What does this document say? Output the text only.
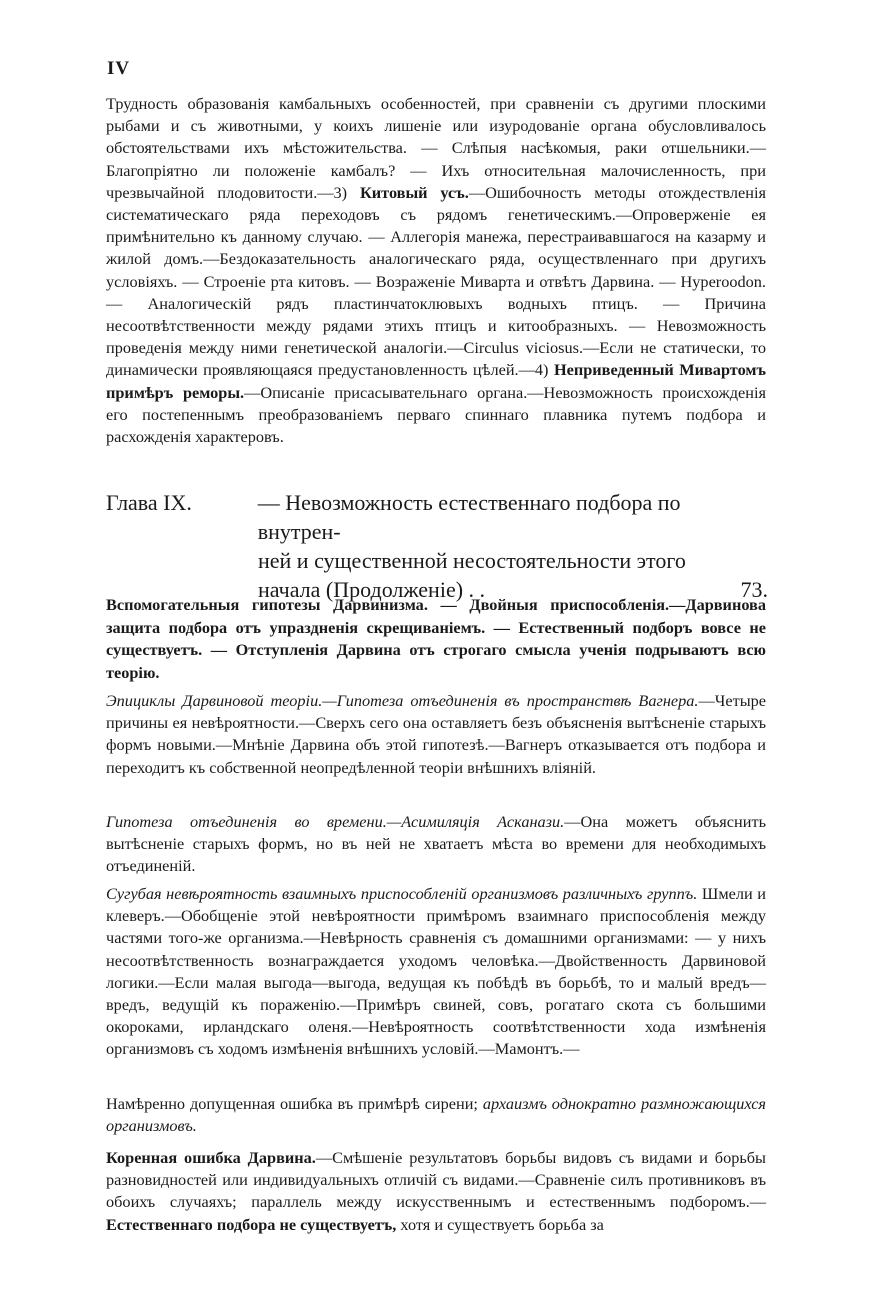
IV
Трудность образованія камбальныхъ особенностей, при сравненіи съ другими плоскими рыбами и съ животными, у коихъ лишеніе или изуродованіе органа обусловливалось обстоятельствами ихъ мѣстожительства. — Слѣпыя насѣкомыя, раки отшельники.— Благопріятно ли положеніе камбалъ? — Ихъ относительная малочисленность, при чрезвычайной плодовитости.—3) Китовый усъ.—Ошибочность методы отождествленія систематическаго ряда переходовъ съ рядомъ генетическимъ.—Опроверженіе ея примѣнительно къ данному случаю. — Аллегорія манежа, перестраивавшагося на казарму и жилой домъ.—Бездоказательность аналогическаго ряда, осуществленнаго при другихъ условіяхъ. — Строеніе рта китовъ. — Возраженіе Миварта и отвѣтъ Дарвина. — Hyperoodon. — Аналогическій рядъ пластинчатоклювыхъ водныхъ птицъ. — Причина несоотвѣтственности между рядами этихъ птицъ и китообразныхъ. — Невозможность проведенія между ними генетической аналогіи.—Circulus viciosus.—Если не статически, то динамически проявляющаяся предустановленность цѣлей.—4) Неприведенный Мивартомъ примѣръ реморы.—Описаніе присасывательнаго органа.—Невозможность происхожденія его постепеннымъ преобразованіемъ перваго спиннаго плавника путемъ подбора и расхожденія характеровъ.
Глава IX.	— Невозможность естественнаго подбора по внутрен-
ней и существенной несостоятельности этого
начала (Продолженіе) . .	73.
Вспомогательныя гипотезы Дарвинизма. — Двойныя приспособленія.—Дарвинова защита подбора отъ упраздненія скрещиваніемъ. — Естественный подборъ вовсе не существуетъ. — Отступленія Дарвина отъ строгаго смысла ученія подрываютъ всю теорію.
Эпициклы Дарвиновой теоріи.—Гипотеза отъединенія въ пространствѣ Вагнера.—Четыре причины ея невѣроятности.—Сверхъ сего она оставляетъ безъ объясненія вытѣсненіе старыхъ формъ новыми.—Мнѣніе Дарвина объ этой гипотезѣ.—Вагнеръ отказывается отъ подбора и переходитъ къ собственной неопредѣленной теоріи внѣшнихъ вліяній.
Гипотеза отъединенія во времени.—Асимиляція Асканази.—Она можетъ объяснить вытѣсненіе старыхъ формъ, но въ ней не хватаетъ мѣста во времени для необходимыхъ отъединеній.
Сугубая невѣроятность взаимныхъ приспособленій организмовъ различныхъ группъ. Шмели и клеверъ.—Обобщеніе этой невѣроятности примѣромъ взаимнаго приспособленія между частями того-же организма.—Невѣрность сравненія съ домашними организмами: — у нихъ несоотвѣтственность вознаграждается уходомъ человѣка.—Двойственность Дарвиновой логики.—Если малая выгода—выгода, ведущая къ побѣдѣ въ борьбѣ, то и малый вредъ—вредъ, ведущій къ пораженію.—Примѣръ свиней, совъ, рогатаго скота съ большими окороками, ирландскаго оленя.—Невѣроятность соотвѣтственности хода измѣненія организмовъ съ ходомъ измѣненія внѣшнихъ условій.—Мамонтъ.—
Намѣренно допущенная ошибка въ примѣрѣ сирени; архаизмъ однократно размножающихся организмовъ.
Коренная ошибка Дарвина.—Смѣшеніе результатовъ борьбы видовъ съ видами и борьбы разновидностей или индивидуальныхъ отличій съ видами.—Сравненіе силъ противниковъ въ обоихъ случаяхъ; параллель между искусственнымъ и естественнымъ подборомъ.—Естественнаго подбора не существуетъ, хотя и существуетъ борьба за
